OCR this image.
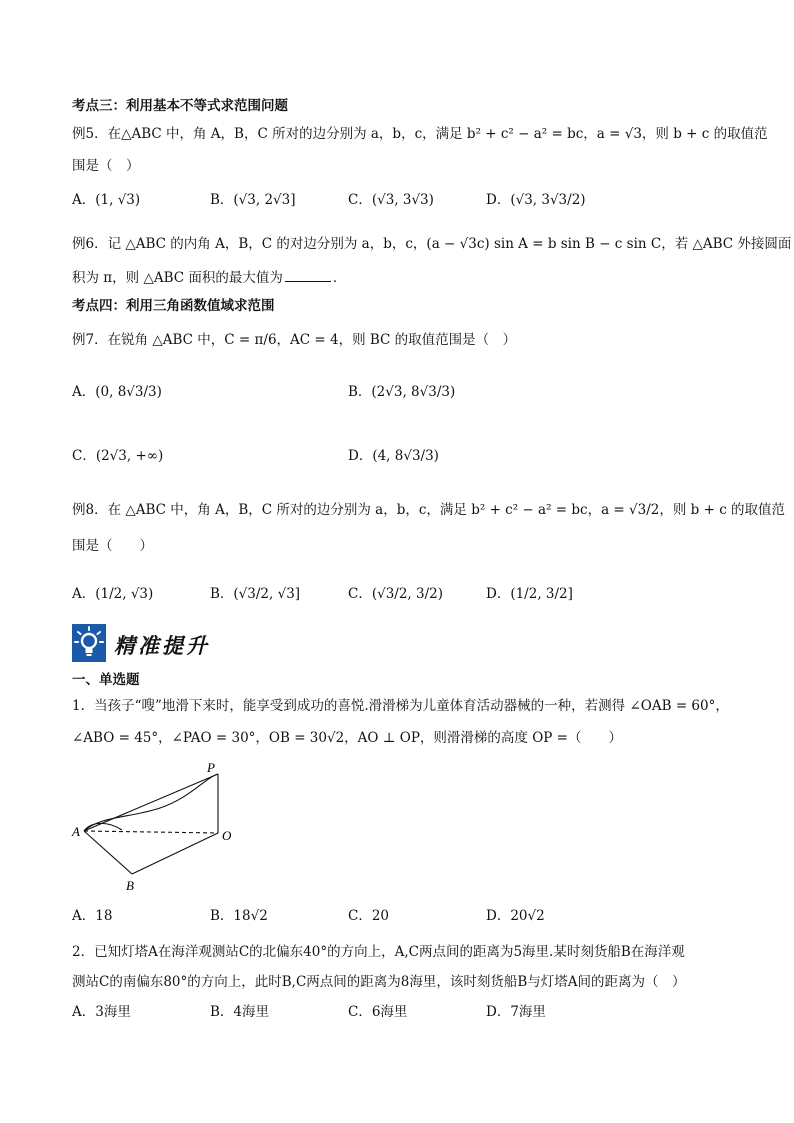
考点三：利用基本不等式求范围问题
例5．在△ABC 中，角 A，B，C 所对的边分别为 a，b，c，满足 b² + c² − a² = bc，a = √3，则 b + c 的取值范
围是（　）
A．(1, √3)	B．(√3, 2√3]	C．(√3, 3√3)	D．(√3, 3√3/2)
例6．记 △ABC 的内角 A，B，C 的对边分别为 a，b，c，(a − √3c) sin A = b sin B − c sin C，若 △ABC 外接圆面
积为 π，则 △ABC 面积的最大值为	．
考点四：利用三角函数值域求范围
例7．在锐角 △ABC 中，C = π/6，AC = 4，则 BC 的取值范围是（　）
A．(0, 8√3/3)	B．(2√3, 8√3/3)
C．(2√3, +∞)	D．(4, 8√3/3)
例8．在 △ABC 中，角 A，B，C 所对的边分别为 a，b，c，满足 b² + c² − a² = bc，a = √3/2，则 b + c 的取值范
围是（　　）
A．(1/2, √3)	B．(√3/2, √3]	C．(√3/2, 3/2)	D．(1/2, 3/2]
精准提升
一、单选题
1．当孩子“嗖”地滑下来时，能享受到成功的喜悦.滑滑梯为儿童体育活动器械的一种，若测得 ∠OAB = 60°，
∠ABO = 45°，∠PAO = 30°，OB = 30√2，AO ⊥ OP，则滑滑梯的高度 OP =（　　）
P
A	O
B
A．18	B．18√2	C．20	D．20√2
2．已知灯塔A在海洋观测站C的北偏东40°的方向上，A,C两点间的距离为5海里.某时刻货船B在海洋观
测站C的南偏东80°的方向上，此时B,C两点间的距离为8海里，该时刻货船B与灯塔A间的距离为（　）
A．3海里	B．4海里	C．6海里	D．7海里
